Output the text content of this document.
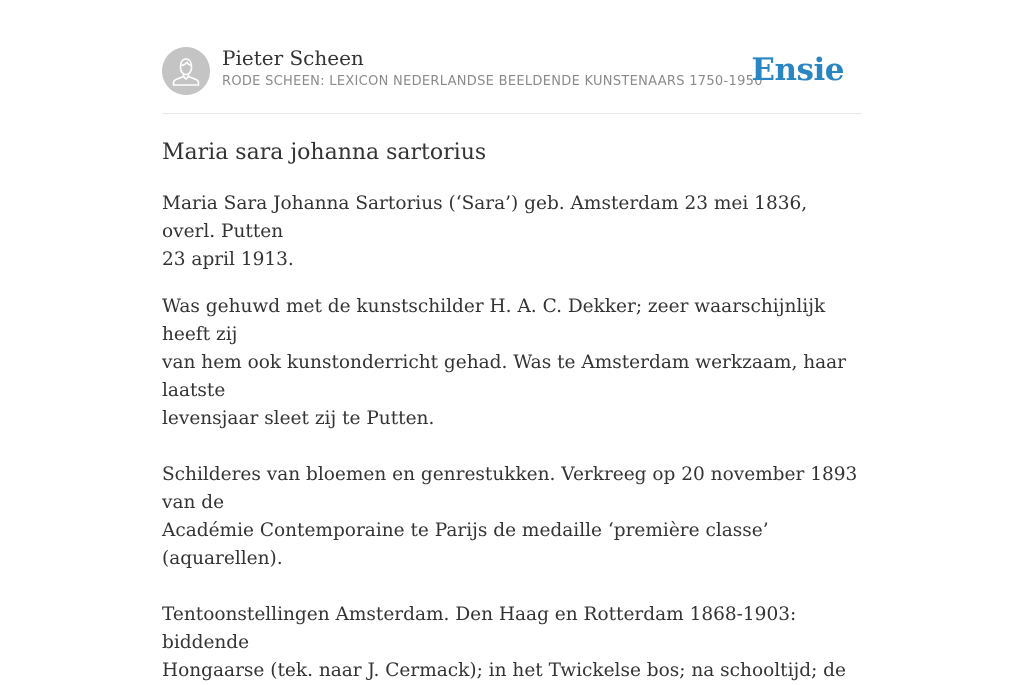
Pieter Scheen
RODE SCHEEN: LEXICON NEDERLANDSE BEELDENDE KUNSTENAARS 1750-1950
Ensie
Maria sara johanna sartorius

Maria Sara Johanna Sartorius (‘Sara’) geb. Amsterdam 23 mei 1836, overl. Putten
23 april 1913.

Was gehuwd met de kunstschilder H. A. C. Dekker; zeer waarschijnlijk heeft zij
van hem ook kunstonderricht gehad. Was te Amsterdam werkzaam, haar laatste
levensjaar sleet zij te Putten.

Schilderes van bloemen en genrestukken. Verkreeg op 20 november 1893 van de
Académie Contemporaine te Parijs de medaille ‘première classe’ (aquarellen).

Tentoonstellingen Amsterdam. Den Haag en Rotterdam 1868-1903: biddende
Hongaarse (tek. naar J. Cermack); in het Twickelse bos; na schooltijd; de
